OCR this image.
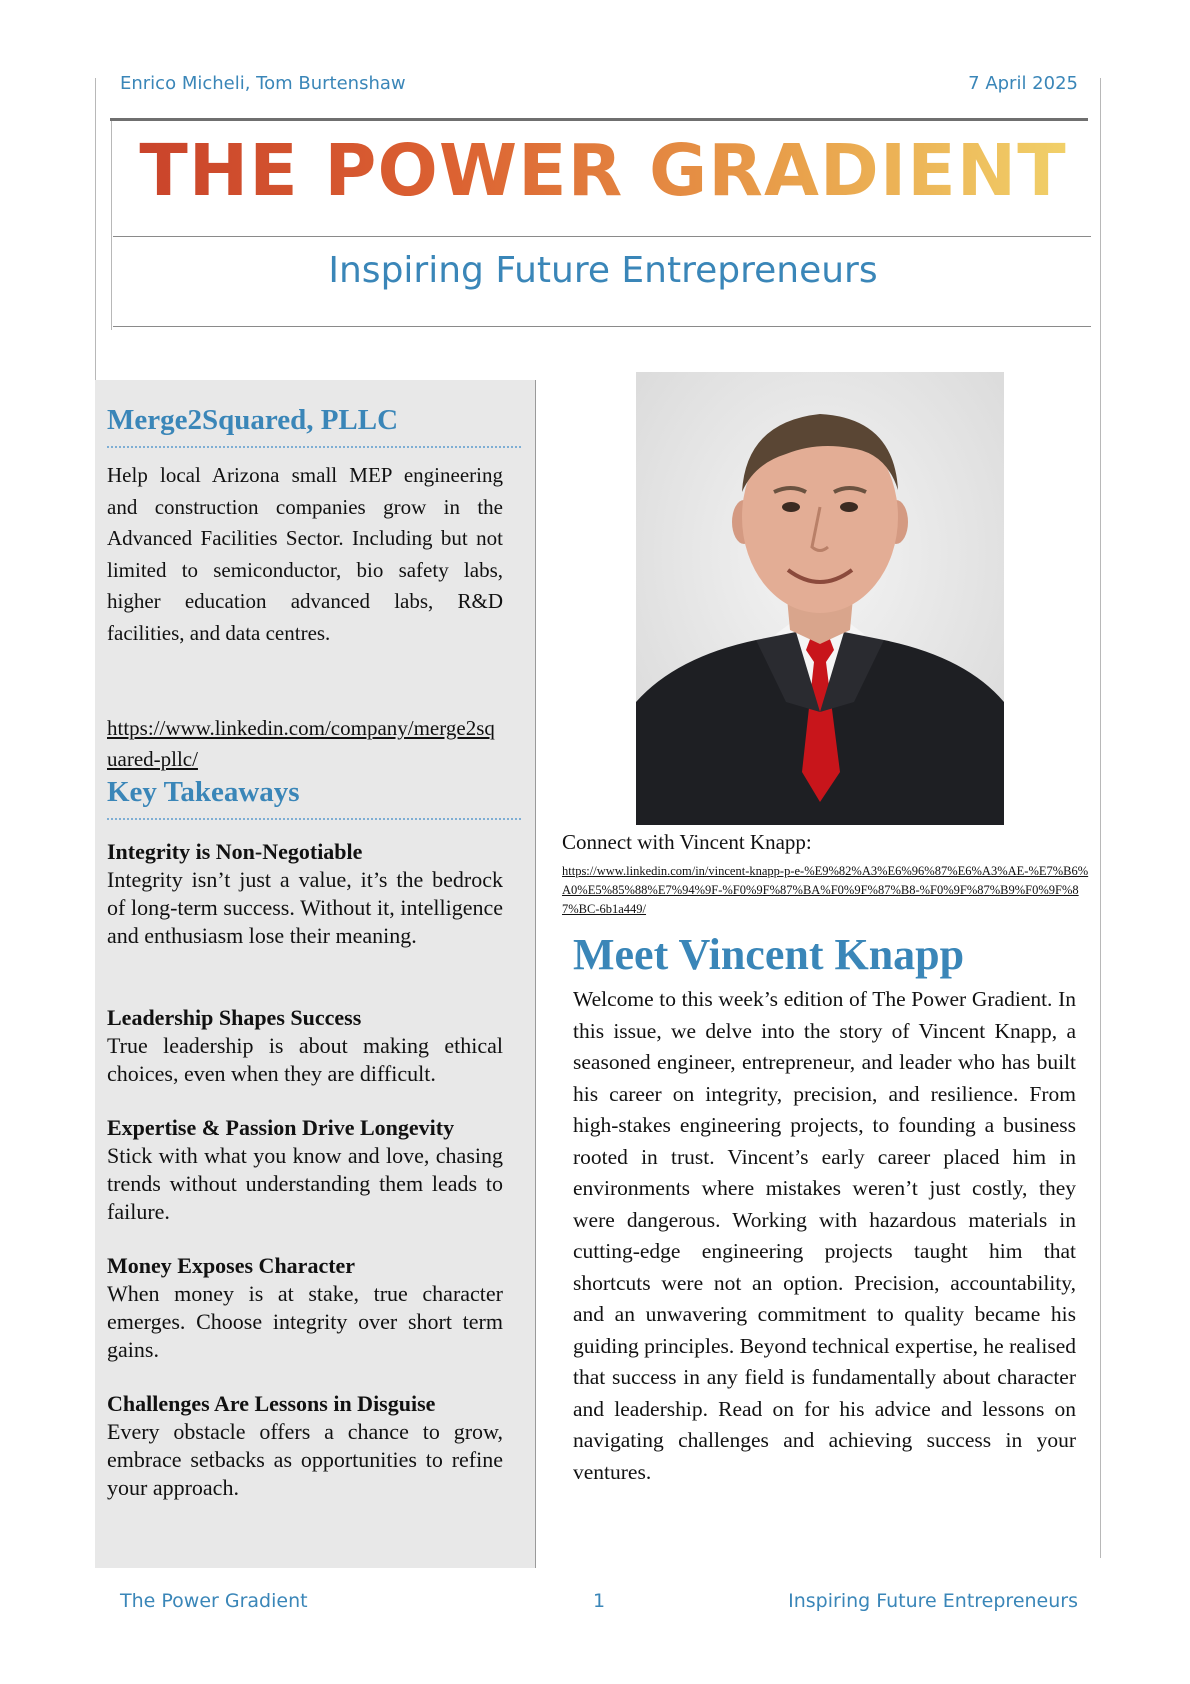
Enrico Micheli, Tom Burtenshaw	7 April 2025
THE POWER GRADIENT
Inspiring Future Entrepreneurs
Merge2Squared, PLLC
Help local Arizona small MEP engineering and construction companies grow in the Advanced Facilities Sector. Including but not limited to semiconductor, bio safety labs, higher education advanced labs, R&D facilities, and data centres.
https://www.linkedin.com/company/merge2squared-pllc/
Key Takeaways
Integrity is Non-Negotiable

Integrity isn’t just a value, it’s the bedrock of long-term success. Without it, intelligence and enthusiasm lose their meaning.

Leadership Shapes Success

True leadership is about making ethical choices, even when they are difficult.

Expertise & Passion Drive Longevity

Stick with what you know and love, chasing trends without understanding them leads to failure.

Money Exposes Character

When money is at stake, true character emerges. Choose integrity over short term gains.

Challenges Are Lessons in Disguise

Every obstacle offers a chance to grow, embrace setbacks as opportunities to refine your approach.

Connect with Vincent Knapp:
https://www.linkedin.com/in/vincent-knapp-p-e-%E9%82%A3%E6%96%87%E6%A3%AE-%E7%B6%A0%E5%85%88%E7%94%9F-%F0%9F%87%BA%F0%9F%87%B8-%F0%9F%87%B9%F0%9F%87%BC-6b1a449/
Meet Vincent Knapp
Welcome to this week’s edition of The Power Gradient. In this issue, we delve into the story of Vincent Knapp, a seasoned engineer, entrepreneur, and leader who has built his career on integrity, precision, and resilience. From high-stakes engineering projects, to founding a business rooted in trust. Vincent’s early career placed him in environments where mistakes weren’t just costly, they were dangerous. Working with hazardous materials in cutting-edge engineering projects taught him that shortcuts were not an option. Precision, accountability, and an unwavering commitment to quality became his guiding principles. Beyond technical expertise, he realised that success in any field is fundamentally about character and leadership. Read on for his advice and lessons on navigating challenges and achieving success in your ventures.
The Power Gradient	1	Inspiring Future Entrepreneurs
